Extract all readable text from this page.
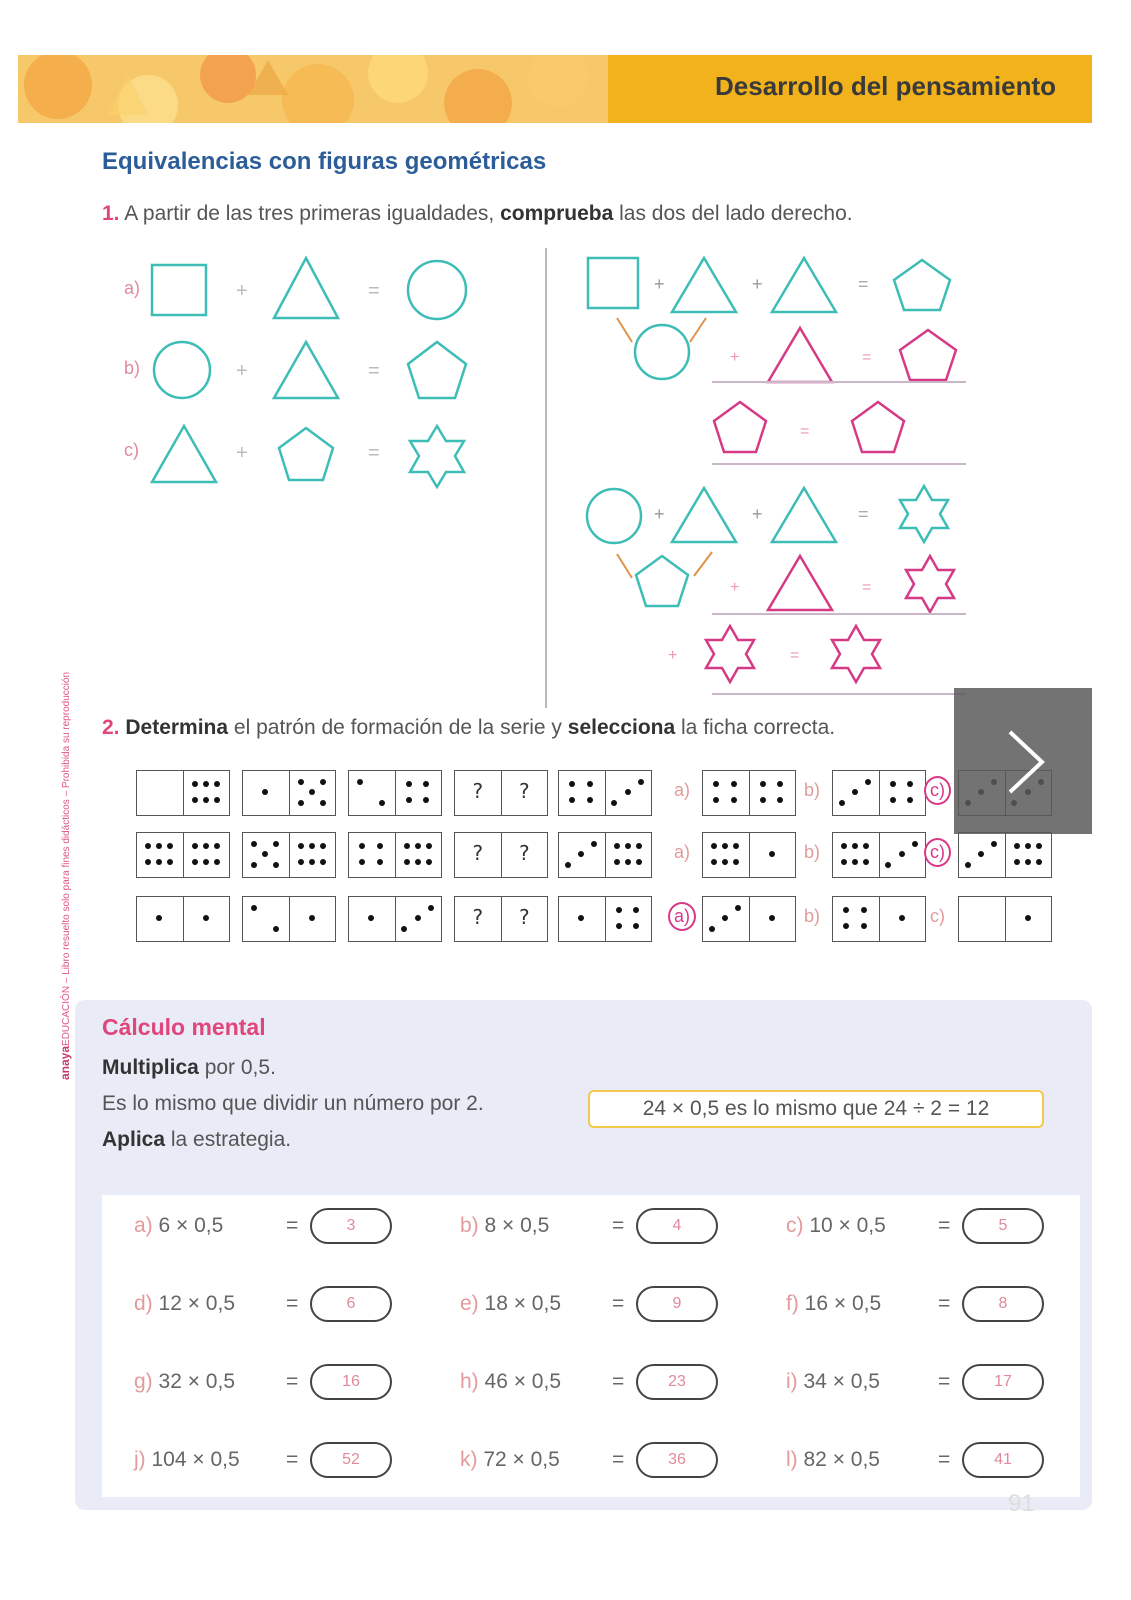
Desarrollo del pensamiento
anayaEDUCACIÓN – Libro resuelto solo para fines didácticos – Prohibida su reproducción
Equivalencias con figuras geométricas
1. A partir de las tres primeras igualdades, comprueba las dos del lado derecho.
a)	+	=
b)	+	=
c)	+	=
+	+	=
+	=
=
+	+	=
+	=
+	=
2. Determina el patrón de formación de la serie y selecciona la ficha correcta.
?	?	a)	b)	c)
?	?	a)	b)	c)
?	?	a)	b)	c)
Cálculo mental
Multiplica por 0,5.
Es lo mismo que dividir un número por 2.	24 × 0,5 es lo mismo que 24 ÷ 2 = 12
Aplica la estrategia.
a) 6 × 0,5	=	3	b) 8 × 0,5	=	4	c) 10 × 0,5 =	5
d) 12 × 0,5 =	6	e) 18 × 0,5 =	9	f) 16 × 0,5	=	8
g) 32 × 0,5 =	16	h) 46 × 0,5 =	23	i) 34 × 0,5	=	17
j) 104 × 0,5 =	52	k) 72 × 0,5 =	36	l) 82 × 0,5	=	41
91
